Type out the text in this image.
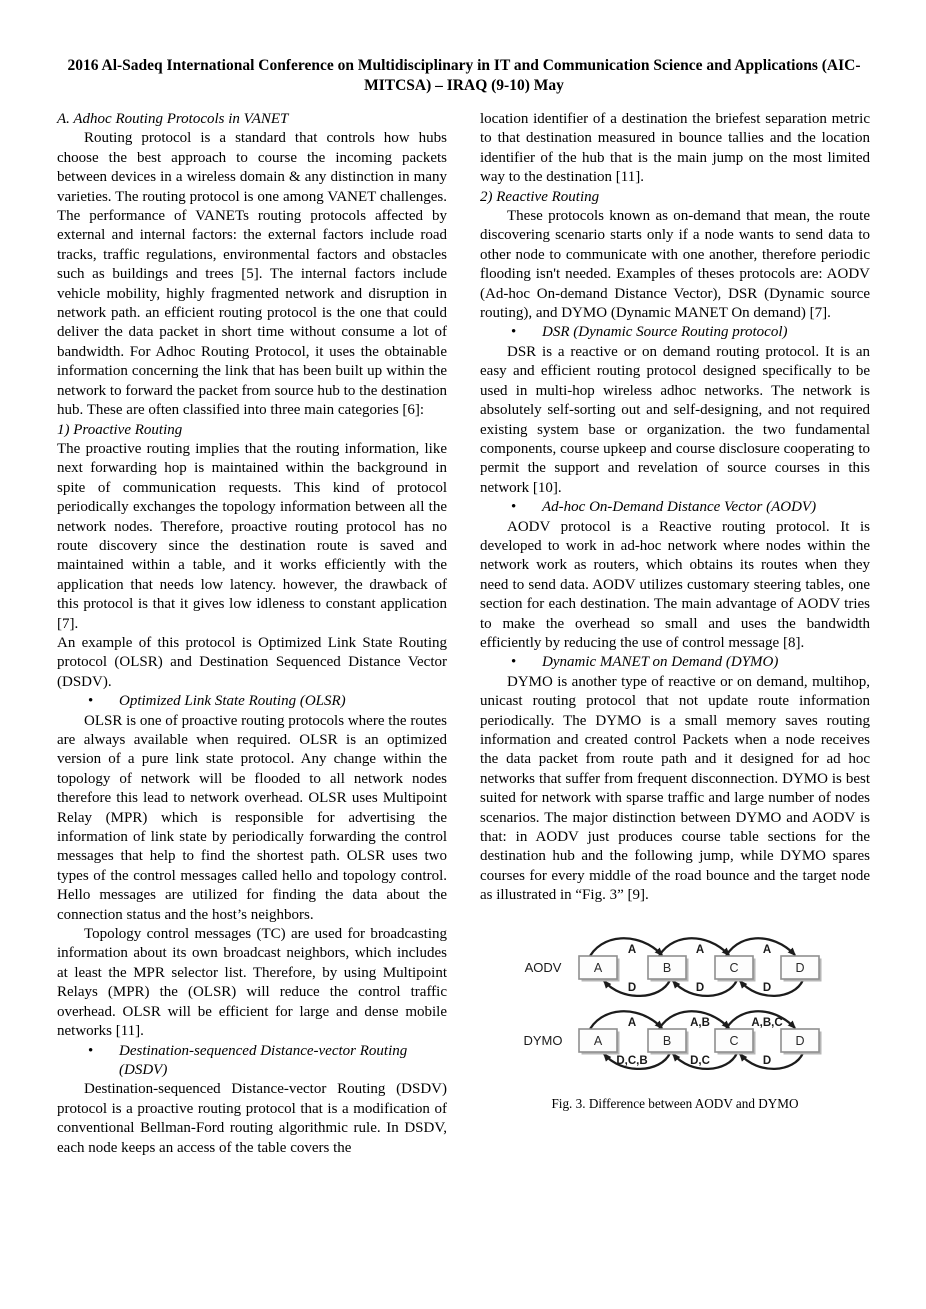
2016 Al-Sadeq International Conference on Multidisciplinary in IT and Communication Science and Applications (AIC-MITCSA) – IRAQ (9-10) May

A. Adhoc Routing Protocols in VANET

Routing protocol is a standard that controls how hubs choose the best approach to course the incoming packets between devices in a wireless domain & any distinction in many varieties. The routing protocol is one among VANET challenges. The performance of VANETs routing protocols affected by external and internal factors: the external factors include road tracks, traffic regulations, environmental factors and obstacles such as buildings and trees [5]. The internal factors include vehicle mobility, highly fragmented network and disruption in network path. an efficient routing protocol is the one that could deliver the data packet in short time without consume a lot of bandwidth. For Adhoc Routing Protocol, it uses the obtainable information concerning the link that has been built up within the network to forward the packet from source hub to the destination hub. These are often classified into three main categories [6]:

1) Proactive Routing

The proactive routing implies that the routing information, like next forwarding hop is maintained within the background in spite of communication requests. This kind of protocol periodically exchanges the topology information between all the network nodes. Therefore, proactive routing protocol has no route discovery since the destination route is saved and maintained within a table, and it works efficiently with the application that needs low latency. however, the drawback of this protocol is that it gives low idleness to constant application [7].

An example of this protocol is Optimized Link State Routing protocol (OLSR) and Destination Sequenced Distance Vector (DSDV).

• Optimized Link State Routing (OLSR)

OLSR is one of proactive routing protocols where the routes are always available when required. OLSR is an optimized version of a pure link state protocol. Any change within the topology of network will be flooded to all network nodes therefore this lead to network overhead. OLSR uses Multipoint Relay (MPR) which is responsible for advertising the information of link state by periodically forwarding the control messages that help to find the shortest path. OLSR uses two types of the control messages called hello and topology control. Hello messages are utilized for finding the data about the connection status and the host’s neighbors.

Topology control messages (TC) are used for broadcasting information about its own broadcast neighbors, which includes at least the MPR selector list. Therefore, by using Multipoint Relays (MPR) the (OLSR) will reduce the control traffic overhead. OLSR will be efficient for large and dense mobile networks [11].

• Destination-sequenced Distance-vector Routing (DSDV)

Destination-sequenced Distance-vector Routing (DSDV) protocol is a proactive routing protocol that is a modification of conventional Bellman-Ford routing algorithmic rule. In DSDV, each node keeps an access of the table covers the

location identifier of a destination the briefest separation metric to that destination measured in bounce tallies and the location identifier of the hub that is the main jump on the most limited way to the destination [11].

2) Reactive Routing

These protocols known as on-demand that mean, the route discovering scenario starts only if a node wants to send data to other node to communicate with one another, therefore periodic flooding isn't needed. Examples of theses protocols are: AODV (Ad-hoc On-demand Distance Vector), DSR (Dynamic source routing), and DYMO (Dynamic MANET On demand) [7].

• DSR (Dynamic Source Routing protocol)

DSR is a reactive or on demand routing protocol. It is an easy and efficient routing protocol designed specifically to be used in multi-hop wireless adhoc networks. The network is absolutely self-sorting out and self-designing, and not required existing system base or organization. the two fundamental components, course upkeep and course disclosure cooperating to permit the support and revelation of source courses in this network [10].

• Ad-hoc On-Demand Distance Vector (AODV)

AODV protocol is a Reactive routing protocol. It is developed to work in ad-hoc network where nodes within the network work as routers, which obtains its routes when they need to send data. AODV utilizes customary steering tables, one section for each destination. The main advantage of AODV tries to make the overhead so small and uses the bandwidth efficiently by reducing the use of control message [8].

• Dynamic MANET on Demand (DYMO)

DYMO is another type of reactive or on demand, multihop, unicast routing protocol that not update route information periodically. The DYMO is a small memory saves routing information and created control Packets when a node receives the data packet from route path and it designed for ad hoc networks that suffer from frequent disconnection. DYMO is best suited for network with sparse traffic and large number of nodes scenarios. The major distinction between DYMO and AODV is that: in AODV just produces course table sections for the destination hub and the following jump, while DYMO spares courses for every middle of the road bounce and the target node as illustrated in “Fig. 3” [9].

AODV
A	A	A
D	D	D
A	B	C	D
DYMO
A	A,B	A,B,C
D,C,B	D,C	D
A	B	C	D
Fig. 3. Difference between AODV and DYMO
